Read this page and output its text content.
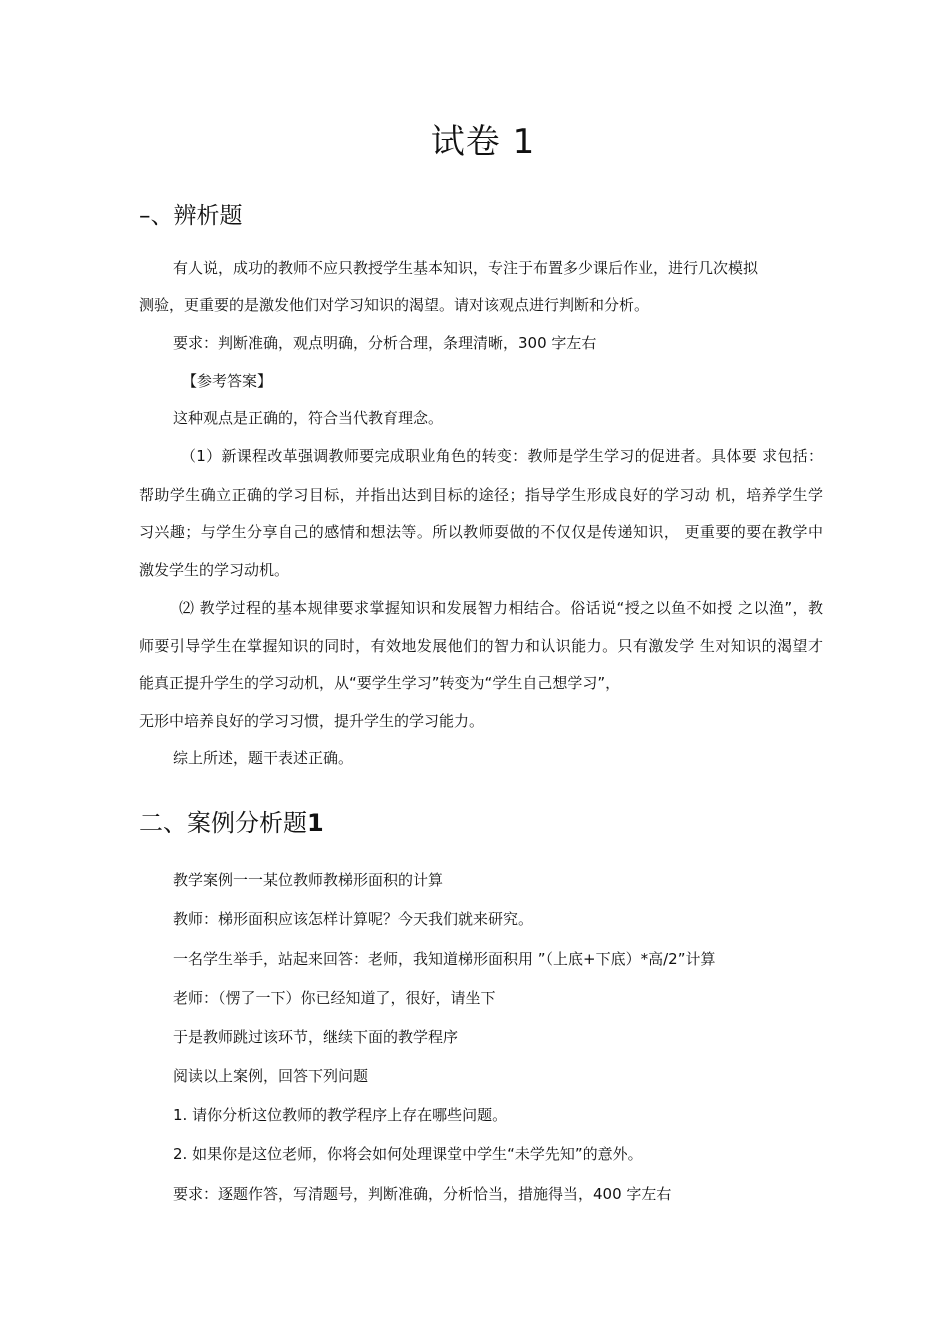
试卷 1
–、辨析题
有人说，成功的教师不应只教授学生基本知识，专注于布置多少课后作业，进行几次模拟
测验，更重要的是激发他们对学习知识的渴望。请对该观点进行判断和分析。
要求：判断准确，观点明确，分析合理，条理清晰，300 字左右
【参考答案】
这种观点是正确的，符合当代教育理念。
（1）新课程改革强调教师要完成职业角色的转变：教师是学生学习的促进者。具体要 求包括：
帮助学生确立正确的学习目标，并指出达到目标的途径；指导学生形成良好的学习动 机，培养学生学
习兴趣；与学生分享自己的感情和想法等。所以教师耍做的不仅仅是传递知识， 更重要的要在教学中
激发学生的学习动机。
⑵ 教学过程的基本规律要求掌握知识和发展智力相结合。俗话说“授之以鱼不如授 之以渔”，教
师要引导学生在掌握知识的同时，有效地发展他们的智力和认识能力。只有激发学 生对知识的渴望才
能真正提升学生的学习动机，从“要学生学习”转变为“学生自己想学习”，
无形中培养良好的学习习惯，提升学生的学习能力。
综上所述，题干表述正确。
二、案例分析题1
教学案例一一某位教师教梯形面积的计算
教师：梯形面积应该怎样计算呢？今天我们就来研究。
一名学生举手，站起来回答：老师，我知道梯形面积用 ”（上底+下底）*高/2”计算
老师：（愣了一下）你已经知道了，很好，请坐下
于是教师跳过该环节，继续下面的教学程序
阅读以上案例，回答下列问题
1. 请你分析这位教师的教学程序上存在哪些问题。
2. 如果你是这位老师，你将会如何处理课堂中学生“未学先知”的意外。
要求：逐题作答，写清题号，判断准确，分析恰当，措施得当，400 字左右
